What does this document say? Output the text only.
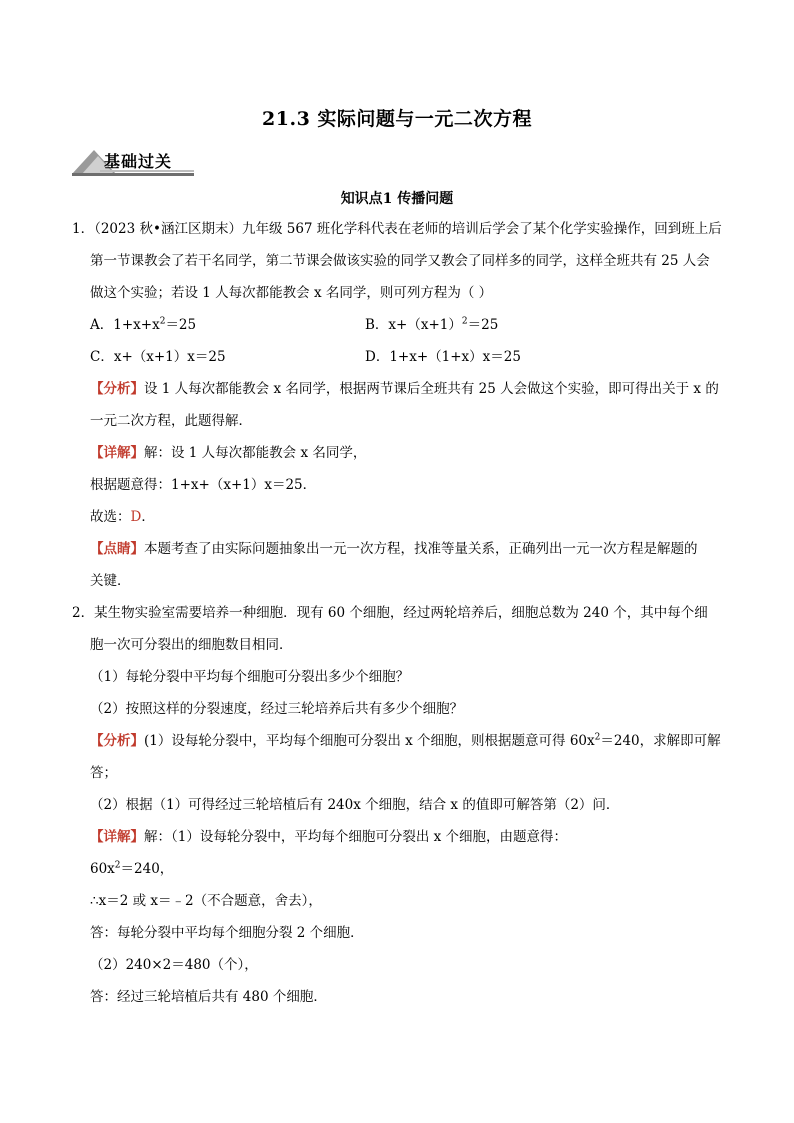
21.3 实际问题与一元二次方程
基础过关
知识点1 传播问题
1．（2023 秋•涵江区期末）九年级 567 班化学科代表在老师的培训后学会了某个化学实验操作，回到班上后
第一节课教会了若干名同学，第二节课会做该实验的同学又教会了同样多的同学，这样全班共有 25 人会
做这个实验；若设 1 人每次都能教会 x 名同学，则可列方程为（ ）
A．$1+x+x^2=25$	B．$x+(x+1)^2=25$
C．x+（x+1）x＝25	D．1+x+（1+x）x＝25
【分析】设 1 人每次都能教会 x 名同学，根据两节课后全班共有 25 人会做这个实验，即可得出关于 x 的
一元二次方程，此题得解．
【详解】解：设 1 人每次都能教会 x 名同学，
根据题意得：1+x+（x+1）x＝25．
故选：D．
【点睛】本题考查了由实际问题抽象出一元一次方程，找准等量关系，正确列出一元一次方程是解题的
关键．
2．某生物实验室需要培养一种细胞．现有 60 个细胞，经过两轮培养后，细胞总数为 240 个，其中每个细
胞一次可分裂出的细胞数目相同．
（1）每轮分裂中平均每个细胞可分裂出多少个细胞？
（2）按照这样的分裂速度，经过三轮培养后共有多少个细胞？
【分析】(1）设每轮分裂中，平均每个细胞可分裂出 x 个细胞，则根据题意可得 $60x^2=240$，求解即可解
答；
（2）根据（1）可得经过三轮培植后有 240x 个细胞，结合 x 的值即可解答第（2）问．
【详解】解：（1）设每轮分裂中，平均每个细胞可分裂出 x 个细胞，由题意得：
$60x^2=240$，
∴x＝2 或 x＝﹣2（不合题意，舍去），
答：每轮分裂中平均每个细胞分裂 2 个细胞．
（2）240×2＝480（个），
答：经过三轮培植后共有 480 个细胞．
